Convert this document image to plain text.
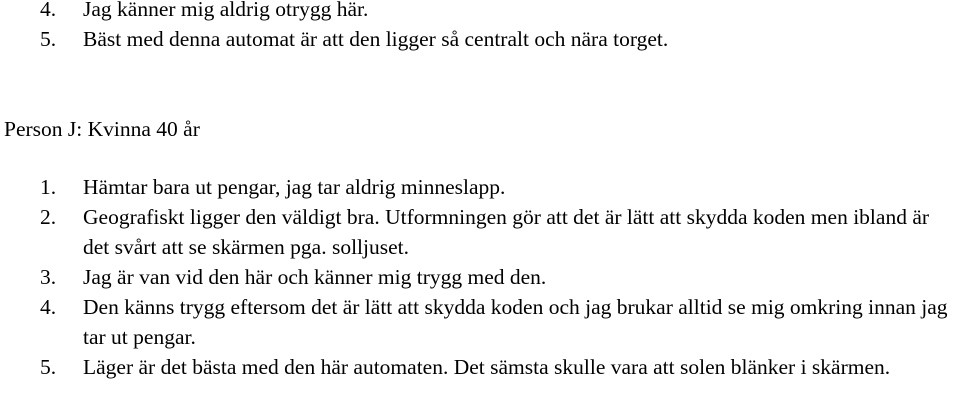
4. Jag känner mig aldrig otrygg här.
5. Bäst med denna automat är att den ligger så centralt och nära torget.
Person J: Kvinna 40 år
1. Hämtar bara ut pengar, jag tar aldrig minneslapp.
2. Geografiskt ligger den väldigt bra. Utformningen gör att det är lätt att skydda koden men ibland är det svårt att se skärmen pga. solljuset.
3. Jag är van vid den här och känner mig trygg med den.
4. Den känns trygg eftersom det är lätt att skydda koden och jag brukar alltid se mig omkring innan jag tar ut pengar.
5. Läger är det bästa med den här automaten. Det sämsta skulle vara att solen blänker i skärmen.
